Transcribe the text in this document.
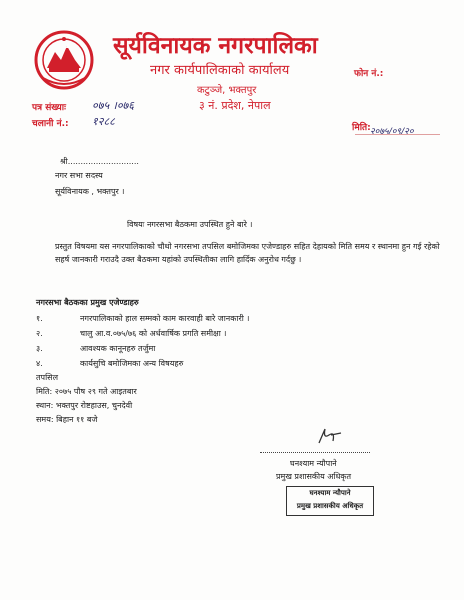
सूर्यविनायक नगरपालिका
नगर कार्यपालिकाको कार्यालय	फोन नं.:
कटुञ्जे, भक्तपुर
३ नं. प्रदेश, नेपाल
पत्र संख्याः ०७५ ।०७६
चलानी नं.: १२८८	मिति: २०७५/०९/२०
श्री............................
नगर सभा सदस्य
सूर्यविनायक , भक्तपुर ।
विषयः नगरसभा बैठकमा उपस्थित हुने बारे ।
प्रस्तुत विषयमा यस नगरपालिकाको चौथो नगरसभा तपसिल बमोजिमका एजेण्डाहरु सहित देहायको मिति समय र स्थानमा हुन गई रहेको सहर्ष जानकारी गराउदै उक्त बैठकमा यहांको उपस्थितीका लागि हार्दिक अनुरोध गर्दछु ।
नगरसभा बैठकका प्रमुख एजेण्डाहरु
१.	नगरपालिकाको हाल सम्मको काम कारवाही बारे जानकारी ।
२.	चालु आ.व.०७५/७६ को अर्धवार्षिक प्रगति समीक्षा ।
३.	आवश्यक कानूनहरु तर्जुमा
४.	कार्यसुचि बमोजिमका अन्य विषयहरु
तपसिल
मिति: २०७५ पौष २९ गते आइतबार
स्थान: भक्तपुर रोष्टहाउस, चुनदेवी
समय: बिहान ११ बजे
घनश्याम न्यौपाने
प्रमुख प्रशासकीय अधिकृत
घनश्याम न्यौपाने
प्रमुख प्रशासकीय अधिकृत
